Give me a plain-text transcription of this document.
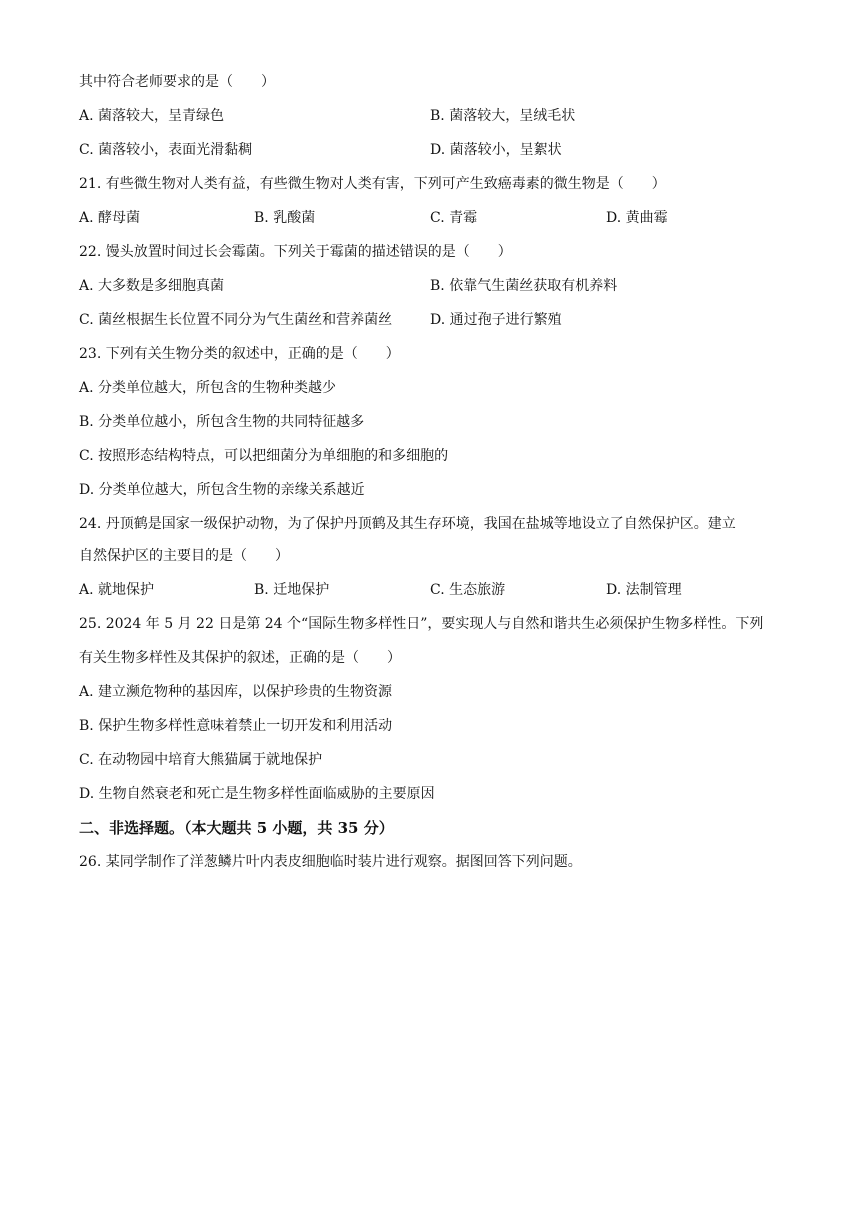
其中符合老师要求的是（　　）
A. 菌落较大，呈青绿色	B. 菌落较大，呈绒毛状
C. 菌落较小，表面光滑黏稠	D. 菌落较小，呈絮状
21. 有些微生物对人类有益，有些微生物对人类有害，下列可产生致癌毒素的微生物是（　　）
A. 酵母菌	B. 乳酸菌	C. 青霉	D. 黄曲霉
22. 馒头放置时间过长会霉菌。下列关于霉菌的描述错误的是（　　）
A. 大多数是多细胞真菌	B. 依靠气生菌丝获取有机养料
C. 菌丝根据生长位置不同分为气生菌丝和营养菌丝	D. 通过孢子进行繁殖
23. 下列有关生物分类的叙述中，正确的是（　　）
A. 分类单位越大，所包含的生物种类越少
B. 分类单位越小，所包含生物的共同特征越多
C. 按照形态结构特点，可以把细菌分为单细胞的和多细胞的
D. 分类单位越大，所包含生物的亲缘关系越近
24. 丹顶鹤是国家一级保护动物，为了保护丹顶鹤及其生存环境，我国在盐城等地设立了自然保护区。建立
自然保护区的主要目的是（　　）
A. 就地保护	B. 迁地保护	C. 生态旅游	D. 法制管理
25. 2024 年 5 月 22 日是第 24 个“国际生物多样性日”，要实现人与自然和谐共生必须保护生物多样性。下列
有关生物多样性及其保护的叙述，正确的是（　　）
A. 建立濒危物种的基因库，以保护珍贵的生物资源
B. 保护生物多样性意味着禁止一切开发和利用活动
C. 在动物园中培育大熊猫属于就地保护
D. 生物自然衰老和死亡是生物多样性面临威胁的主要原因
二、非选择题。（本大题共 5 小题，共 35 分）
26. 某同学制作了洋葱鳞片叶内表皮细胞临时装片进行观察。据图回答下列问题。
